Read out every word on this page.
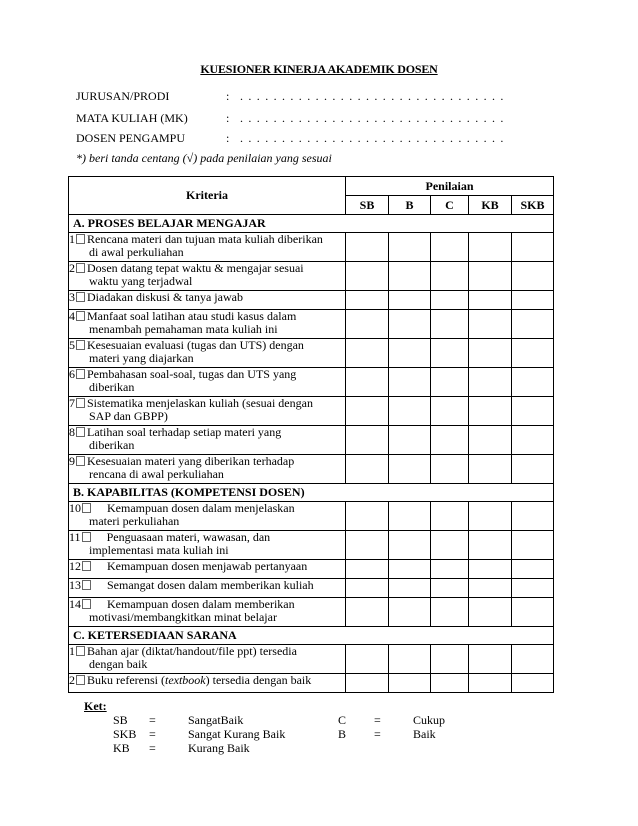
KUESIONER KINERJA AKADEMIK DOSEN
JURUSAN/PRODI	: . . . . . . . . . . . . . . . . . . . . . . . . . . . . . . . .
MATA KULIAH (MK)	: . . . . . . . . . . . . . . . . . . . . . . . . . . . . . . . .
DOSEN PENGAMPU	: . . . . . . . . . . . . . . . . . . . . . . . . . . . . . . . .
*) beri tanda centang (√) pada penilaian yang sesuai
Kriteria	Penilaian				
	SB	B	C	KB	SKB
A. PROSES BELAJAR MENGAJAR					
1 Rencana materi dan tujuan mata kuliah diberikan
di awal perkuliahan					

2 Dosen datang tepat waktu & mengajar sesuai
waktu yang terjadwal					

3 Diadakan diskusi & tanya jawab					
4 Manfaat soal latihan atau studi kasus dalam
menambah pemahaman mata kuliah ini					

5 Kesesuaian evaluasi (tugas dan UTS) dengan
materi yang diajarkan					

6 Pembahasan soal-soal, tugas dan UTS yang
diberikan					

7 Sistematika menjelaskan kuliah (sesuai dengan
SAP dan GBPP)					

8 Latihan soal terhadap setiap materi yang
diberikan					

9 Kesesuaian materi yang diberikan terhadap
rencana di awal perkuliahan					

B. KAPABILITAS (KOMPETENSI DOSEN)					
10 Kemampuan dosen dalam menjelaskan
materi perkuliahan					

11 Penguasaan materi, wawasan, dan
implementasi mata kuliah ini					

12 Kemampuan dosen menjawab pertanyaan					
13 Semangat dosen dalam memberikan kuliah					
14 Kemampuan dosen dalam memberikan
motivasi/membangkitkan minat belajar					

C. KETERSEDIAAN SARANA					
1 Bahan ajar (diktat/handout/file ppt) tersedia
dengan baik					

2 Buku referensi (textbook) tersedia dengan baik					
Ket:
SB =	SangatBaik	C =	Cukup
SKB =	Sangat Kurang Baik	B =	Baik
KB =	Kurang Baik
